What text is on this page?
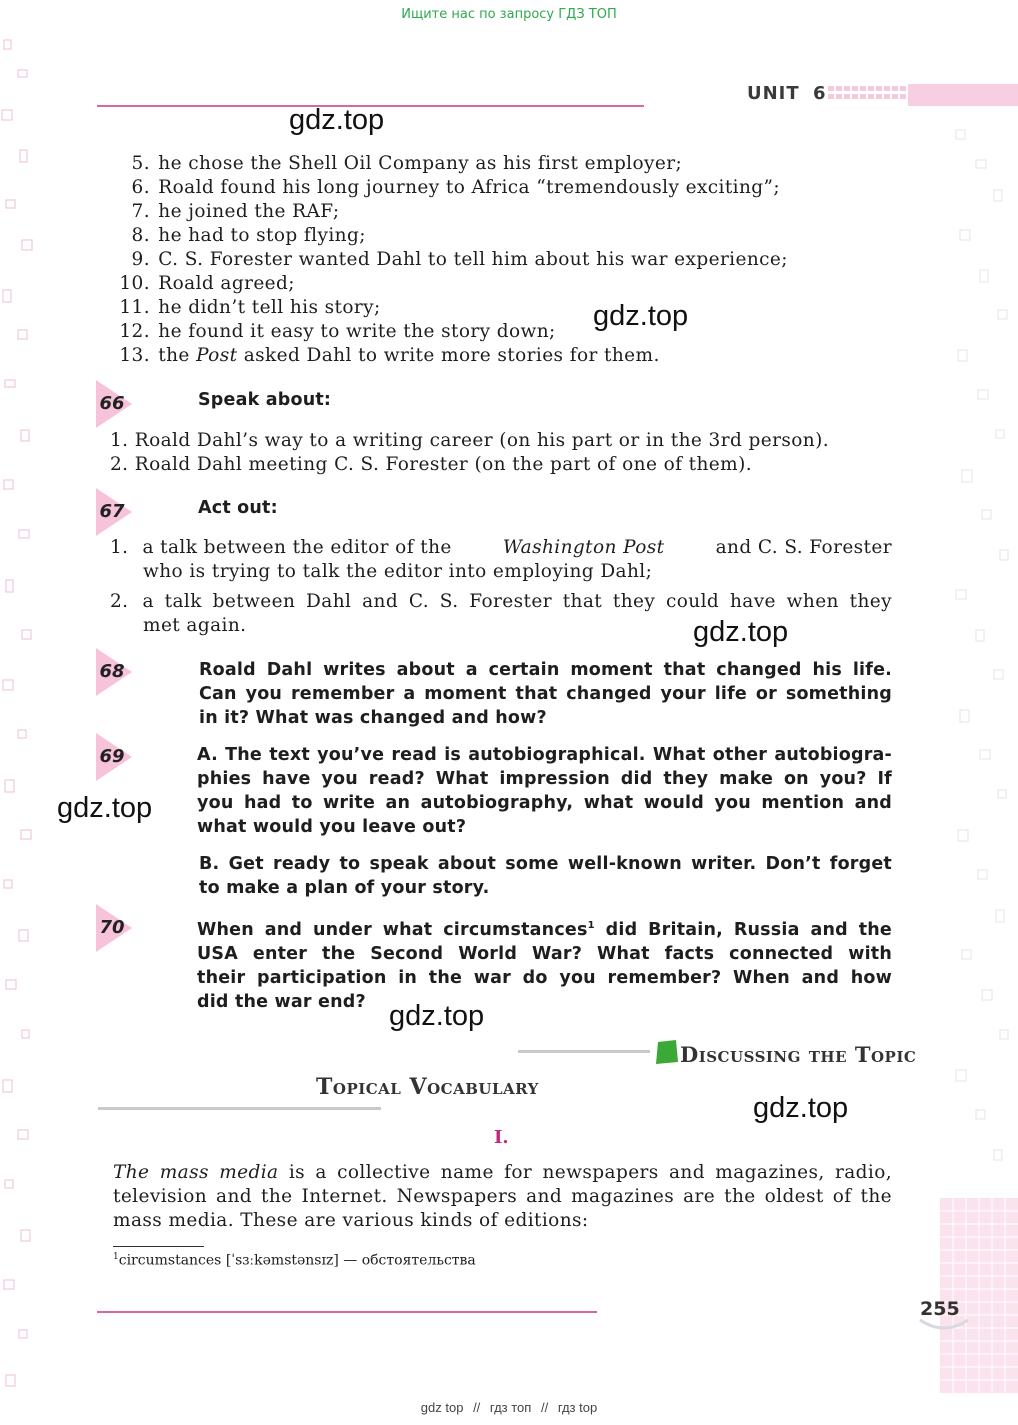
Ищите нас по запросу ГДЗ ТОП
UNIT 6
gdz.top
gdz.top
gdz.top
gdz.top
gdz.top
gdz.top
5. he chose the Shell Oil Company as his first employer;
6. Roald found his long journey to Africa “tremendously exciting”;
7. he joined the RAF;
8. he had to stop flying;
9. C. S. Forester wanted Dahl to tell him about his war experience;
10. Roald agreed;
11. he didn’t tell his story;
12. he found it easy to write the story down;
13. the Post asked Dahl to write more stories for them.
66
67
68
69
70
Speak about:
1. Roald Dahl’s way to a writing career (on his part or in the 3rd person).
2. Roald Dahl meeting C. S. Forester (on the part of one of them).
Act out:
1. a talk between the editor of the	Washington Post	and C. S. Forester
who is trying to talk the editor into employing Dahl;
2. a talk between Dahl and C. S. Forester that they could have when they
met again.
Roald Dahl writes about a certain moment that changed his life.
Can you remember a moment that changed your life or something
in it? What was changed and how?
A. The text you’ve read is autobiographical. What other autobiogra-
phies have you read? What impression did they make on you? If
you had to write an autobiography, what would you mention and
what would you leave out?
B. Get ready to speak about some well-known writer. Don’t forget
to make a plan of your story.
When and under what circumstances$^1$ did Britain, Russia and the
USA enter the Second World War? What facts connected with
their participation in the war do you remember? When and how
did the war end?
Discussing the Topic
Topical Vocabulary
I.
The mass media is a collective name for newspapers and magazines, radio,
television and the Internet. Newspapers and magazines are the oldest of the
mass media. These are various kinds of editions:
$^1$circumstances [ˈsɜːkəmstənsɪz] — обстоятельства
255
gdz top // гдз топ // гдз top
